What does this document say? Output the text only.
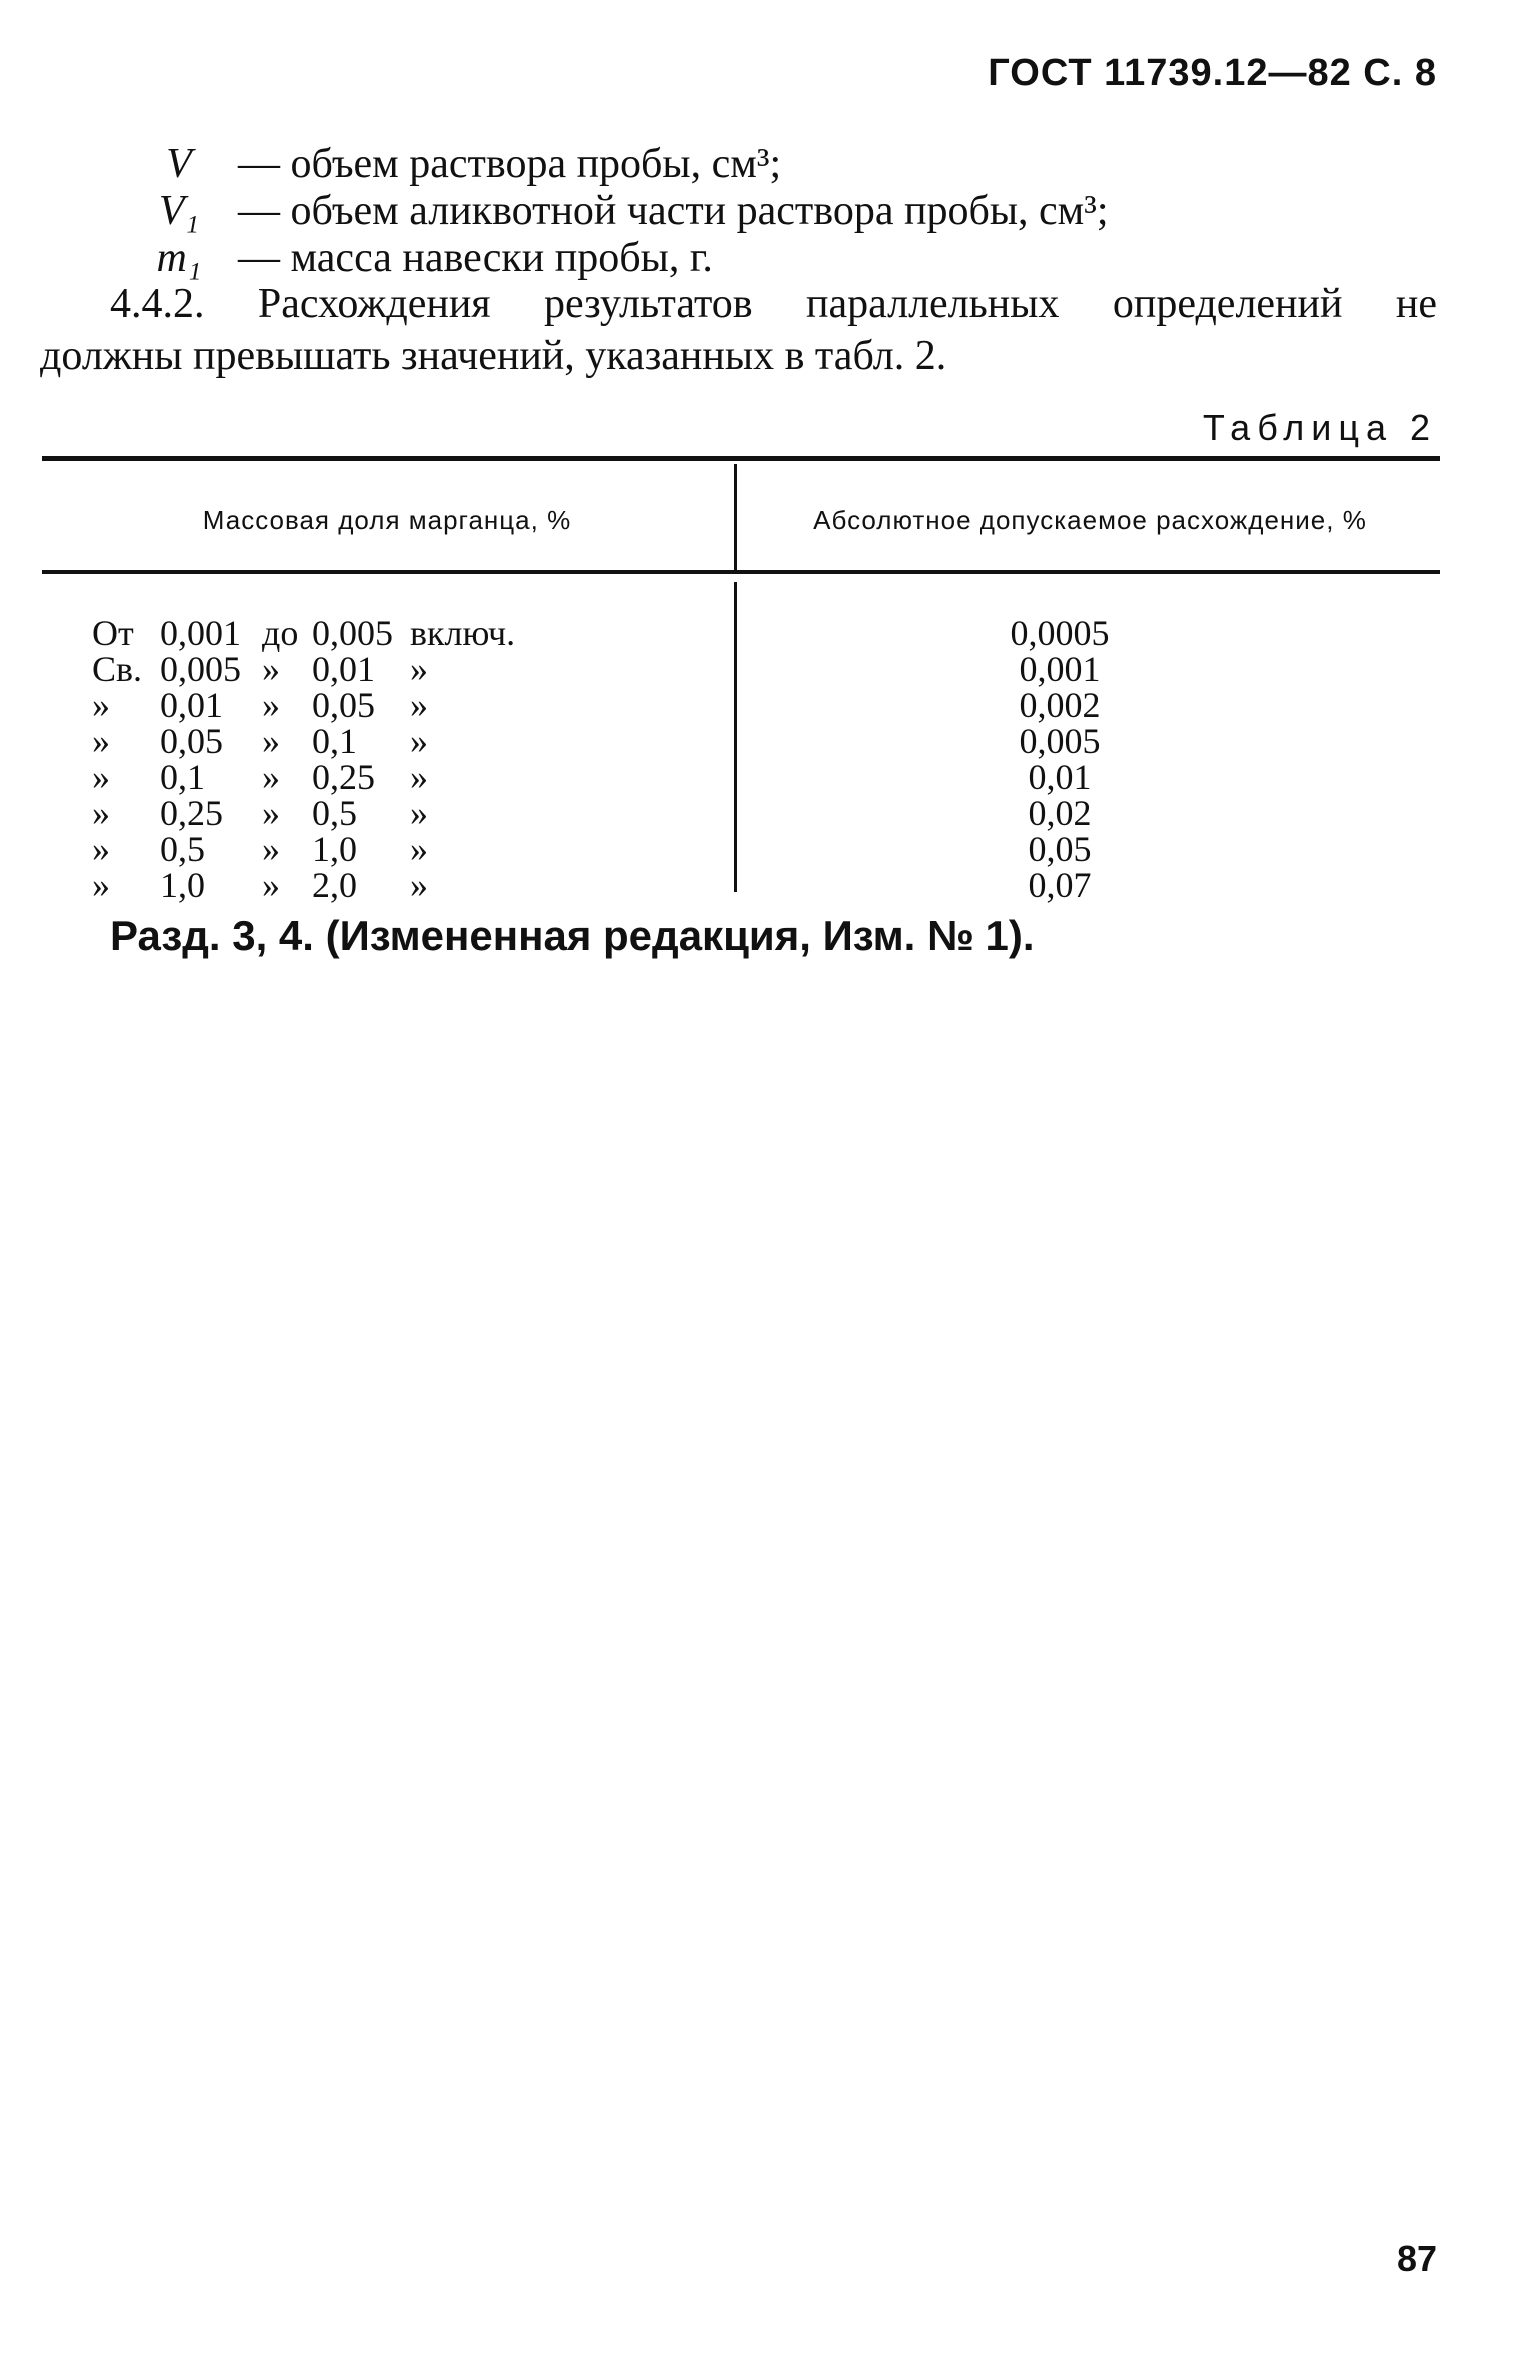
ГОСТ 11739.12—82 С. 8
V — объем раствора пробы, см³;
V₁ — объем аликвотной части раствора пробы, см³;
m₁ — масса навески пробы, г.
4.4.2. Расхождения результатов параллельных определений не
должны превышать значений, указанных в табл. 2.
Таблица 2
Массовая доля марганца, %	Абсолютное допускаемое расхождение, %
От 0,001 до 0,005 включ.	0,0005
Св. 0,005 » 0,01 »	0,001
» 0,01 » 0,05 »	0,002
» 0,05 » 0,1 »	0,005
» 0,1 » 0,25 »	0,01
» 0,25 » 0,5 »	0,02
» 0,5 » 1,0 »	0,05
» 1,0 » 2,0 »	0,07
Разд. 3, 4. (Измененная редакция, Изм. № 1).
87
